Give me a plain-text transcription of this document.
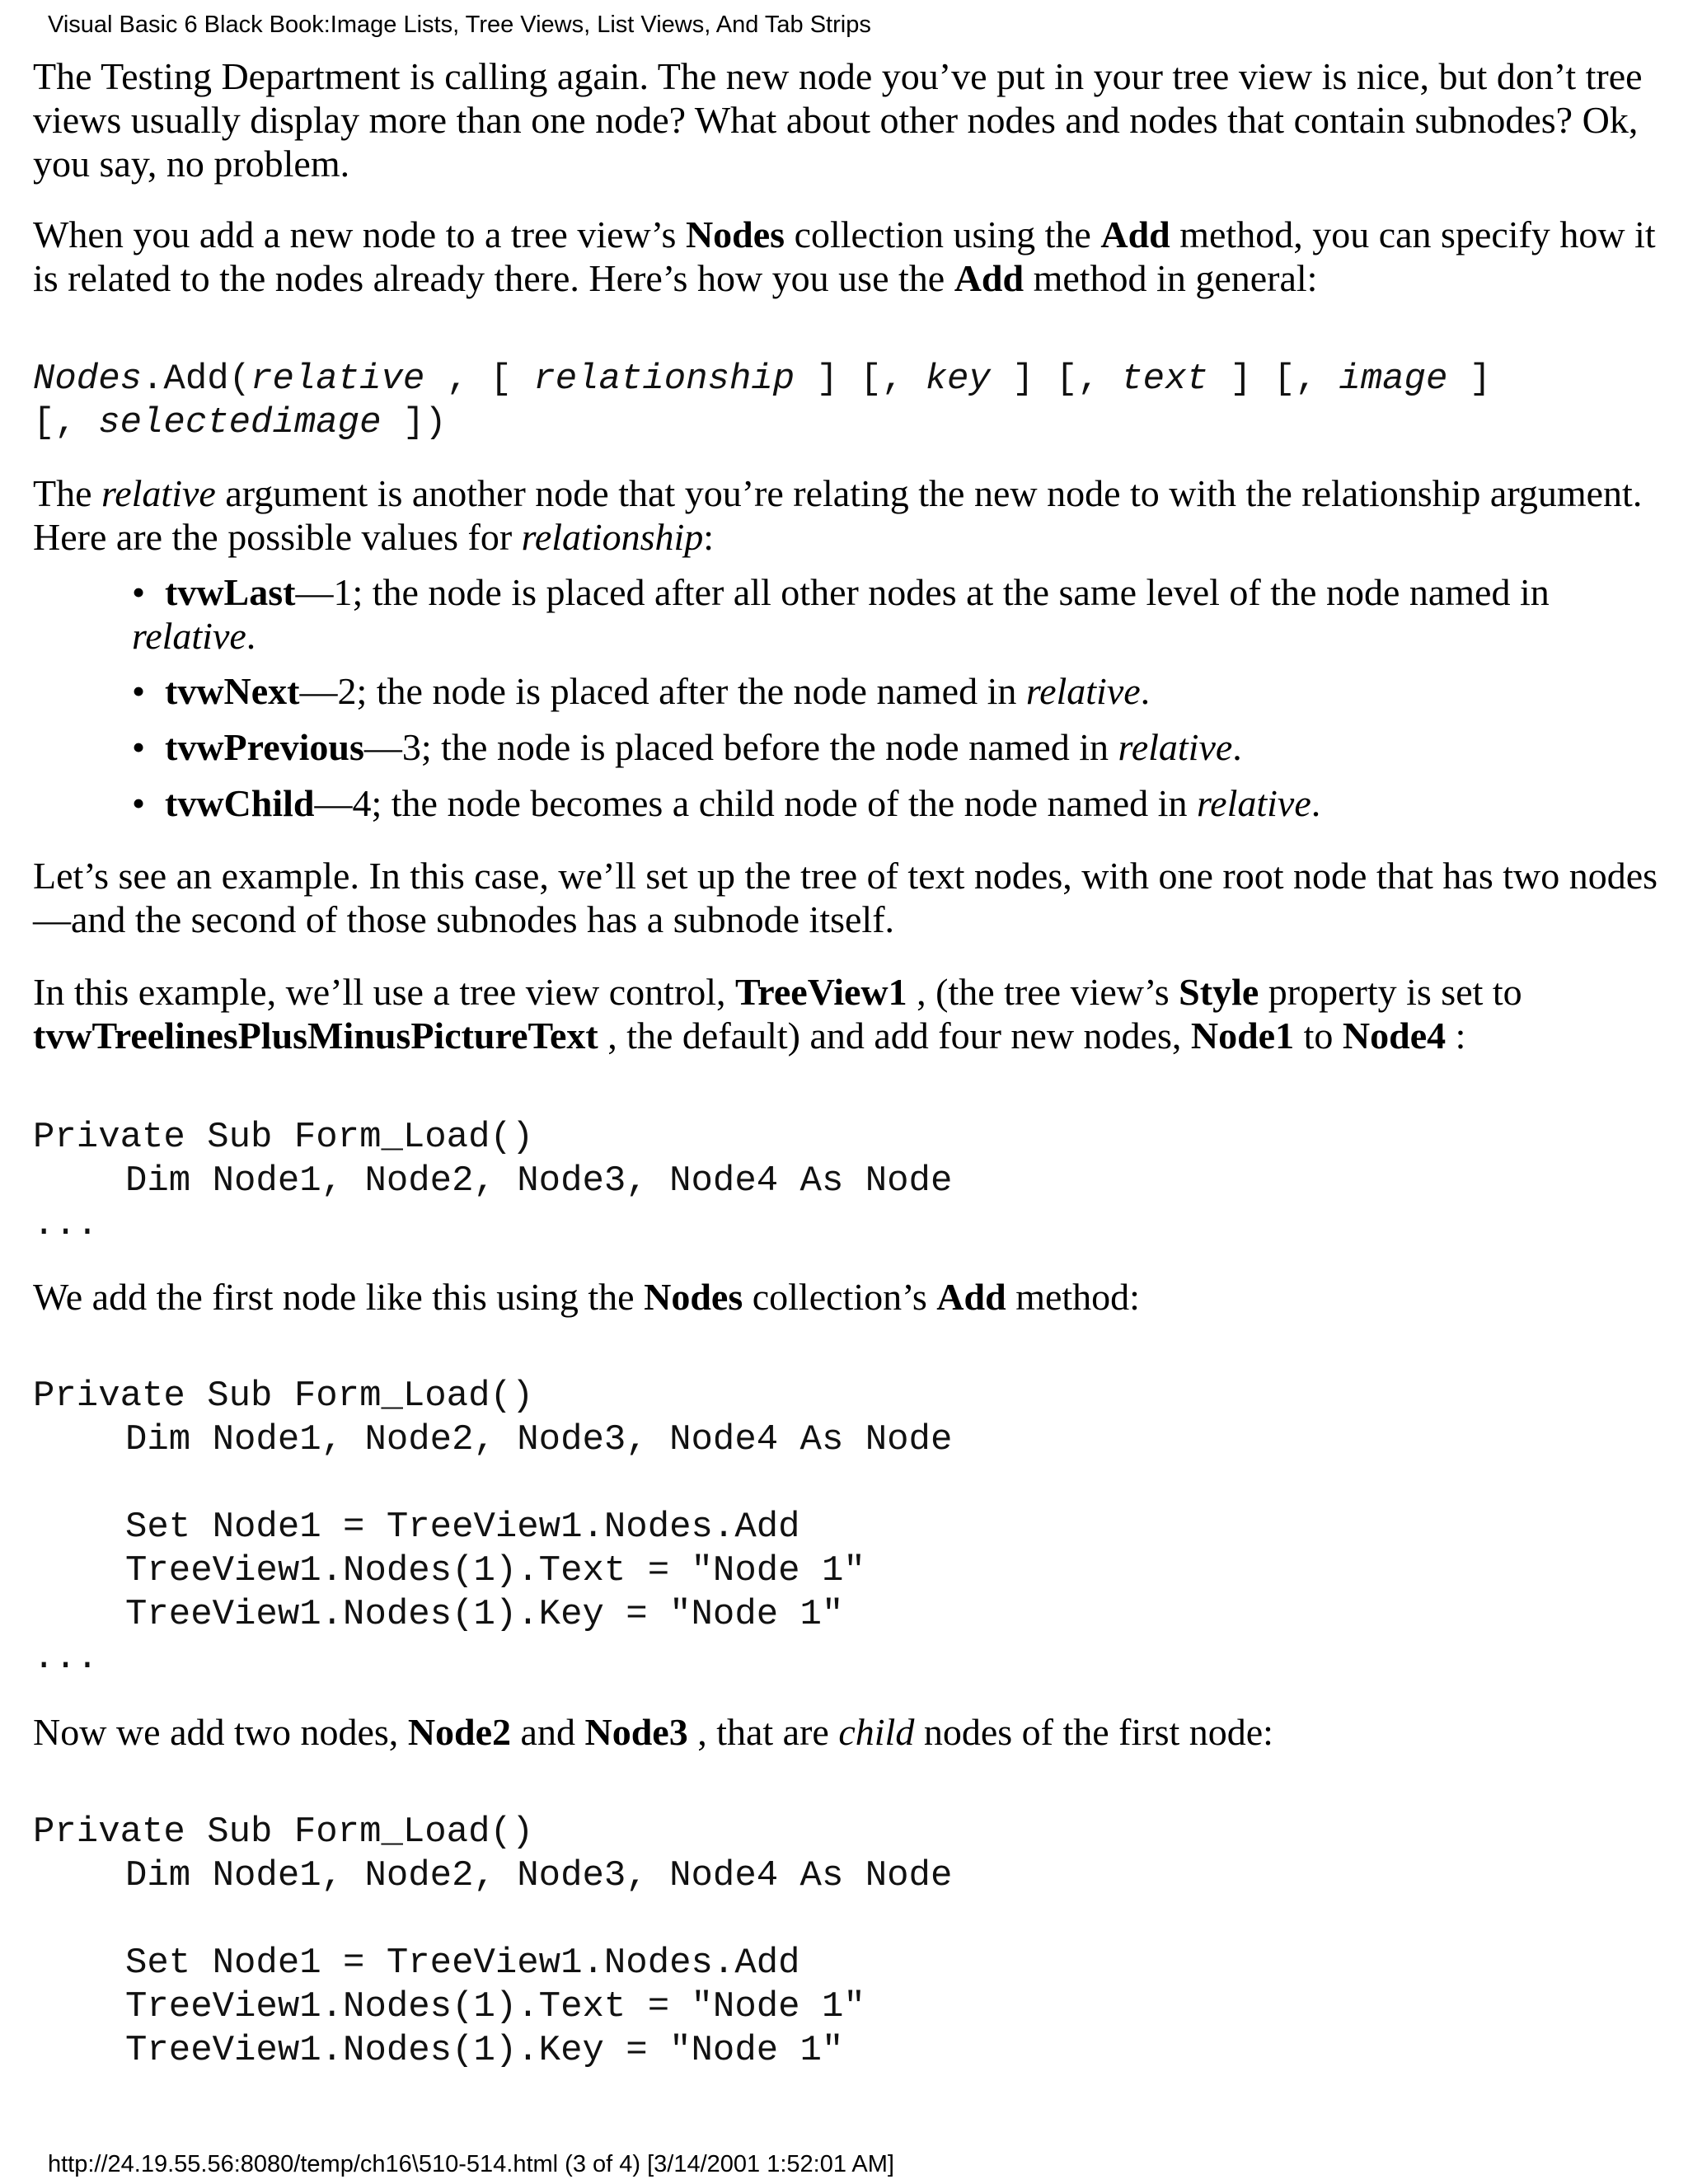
Visual Basic 6 Black Book:Image Lists, Tree Views, List Views, And Tab Strips

The Testing Department is calling again. The new node you’ve put in your tree view is nice, but don’t tree views usually display more than one node? What about other nodes and nodes that contain subnodes? Ok, you say, no problem.

When you add a new node to a tree view’s Nodes collection using the Add method, you can specify how it is related to the nodes already there. Here’s how you use the Add method in general:

Nodes.Add(relative , [ relationship ] [, key ] [, text ] [, image ]
[, selectedimage ])

The relative argument is another node that you’re relating the new node to with the relationship argument. Here are the possible values for relationship:

• tvwLast—1; the node is placed after all other nodes at the same level of the node named in
relative.

• tvwNext—2; the node is placed after the node named in relative.

• tvwPrevious—3; the node is placed before the node named in relative.

• tvwChild—4; the node becomes a child node of the node named in relative.

Let’s see an example. In this case, we’ll set up the tree of text nodes, with one root node that has two nodes—and the second of those subnodes has a subnode itself.

In this example, we’ll use a tree view control, TreeView1 , (the tree view’s Style property is set to
tvwTreelinesPlusMinusPictureText , the default) and add four new nodes, Node1 to Node4 :

Private Sub Form_Load()
Dim Node1, Node2, Node3, Node4 As Node
...

We add the first node like this using the Nodes collection’s Add method:

Private Sub Form_Load()
Dim Node1, Node2, Node3, Node4 As Node
Set Node1 = TreeView1.Nodes.Add
TreeView1.Nodes(1).Text = "Node 1"
TreeView1.Nodes(1).Key = "Node 1"
...

Now we add two nodes, Node2 and Node3 , that are child nodes of the first node:

Private Sub Form_Load()
Dim Node1, Node2, Node3, Node4 As Node
Set Node1 = TreeView1.Nodes.Add
TreeView1.Nodes(1).Text = "Node 1"
TreeView1.Nodes(1).Key = "Node 1"
http://24.19.55.56:8080/temp/ch16\510-514.html (3 of 4) [3/14/2001 1:52:01 AM]
